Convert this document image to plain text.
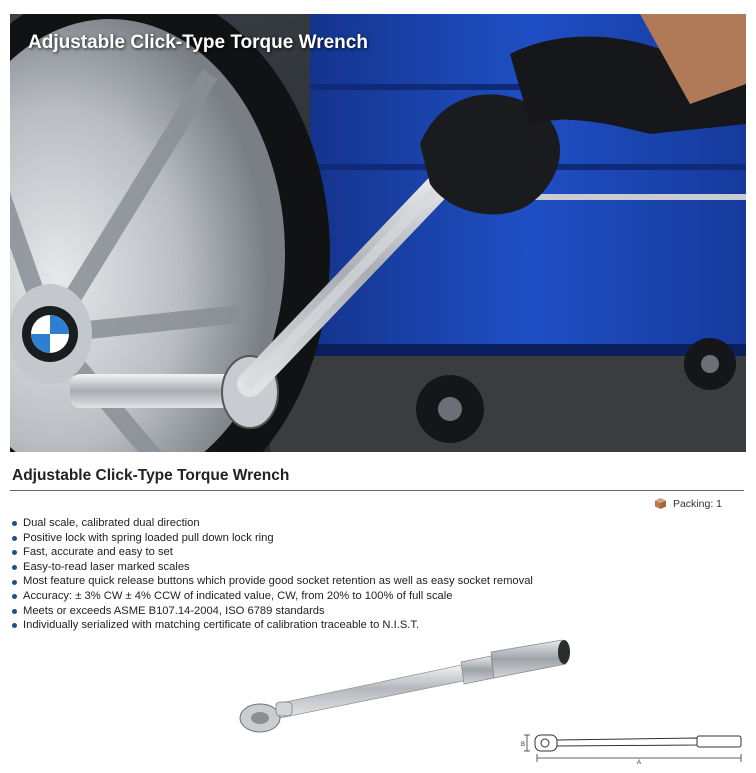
Adjustable Click-Type Torque Wrench
Adjustable Click-Type Torque Wrench
Packing: 1
Dual scale, calibrated dual direction
Positive lock with spring loaded pull down lock ring
Fast, accurate and easy to set
Easy-to-read laser marked scales
Most feature quick release buttons which provide good socket retention as well as easy socket removal
Accuracy: ± 3% CW ± 4% CCW of indicated value, CW, from 20% to 100% of full scale
Meets or exceeds ASME B107.14-2004, ISO 6789 standards
Individually serialized with matching certificate of calibration traceable to N.I.S.T.
B
A
